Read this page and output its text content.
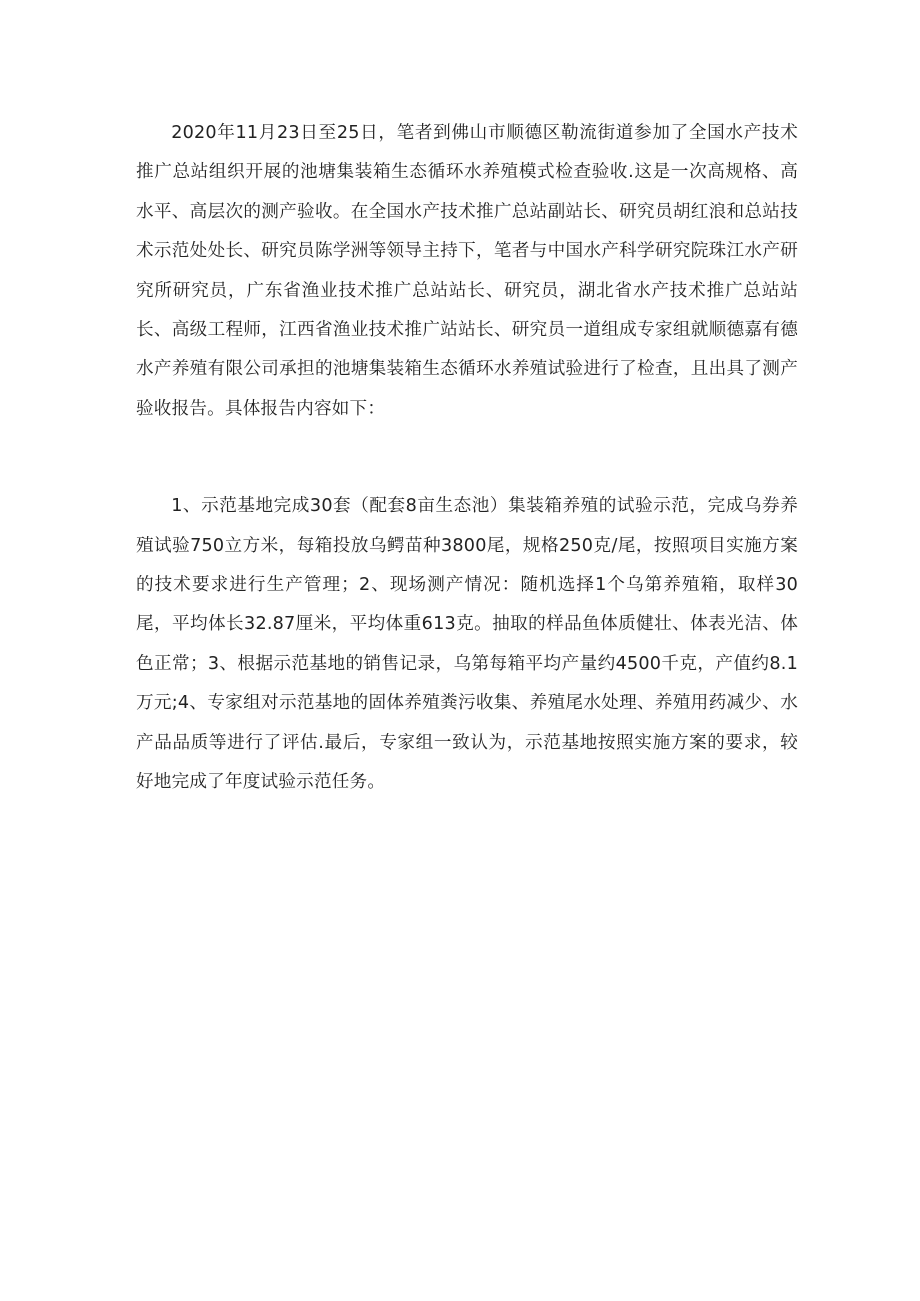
2020年11月23日至25日，笔者到佛山市顺德区勒流街道参加了全国水产技术推广总站组织开展的池塘集装箱生态循环水养殖模式检查验收.这是一次高规格、高水平、高层次的测产验收。在全国水产技术推广总站副站长、研究员胡红浪和总站技术示范处处长、研究员陈学洲等领导主持下，笔者与中国水产科学研究院珠江水产研究所研究员，广东省渔业技术推广总站站长、研究员，湖北省水产技术推广总站站长、高级工程师，江西省渔业技术推广站站长、研究员一道组成专家组就顺德嘉有德水产养殖有限公司承担的池塘集装箱生态循环水养殖试验进行了检查，且出具了测产验收报告。具体报告内容如下：

1、示范基地完成30套（配套8亩生态池）集装箱养殖的试验示范，完成乌券养殖试验750立方米，每箱投放乌鳄苗种3800尾，规格250克/尾，按照项目实施方案的技术要求进行生产管理；2、现场测产情况：随机选择1个乌第养殖箱，取样30尾，平均体长32.87厘米，平均体重613克。抽取的样品鱼体质健壮、体表光洁、体色正常；3、根据示范基地的销售记录，乌第每箱平均产量约4500千克，产值约8.1万元;4、专家组对示范基地的固体养殖粪污收集、养殖尾水处理、养殖用药减少、水产品品质等进行了评估.最后，专家组一致认为，示范基地按照实施方案的要求，较好地完成了年度试验示范任务。
